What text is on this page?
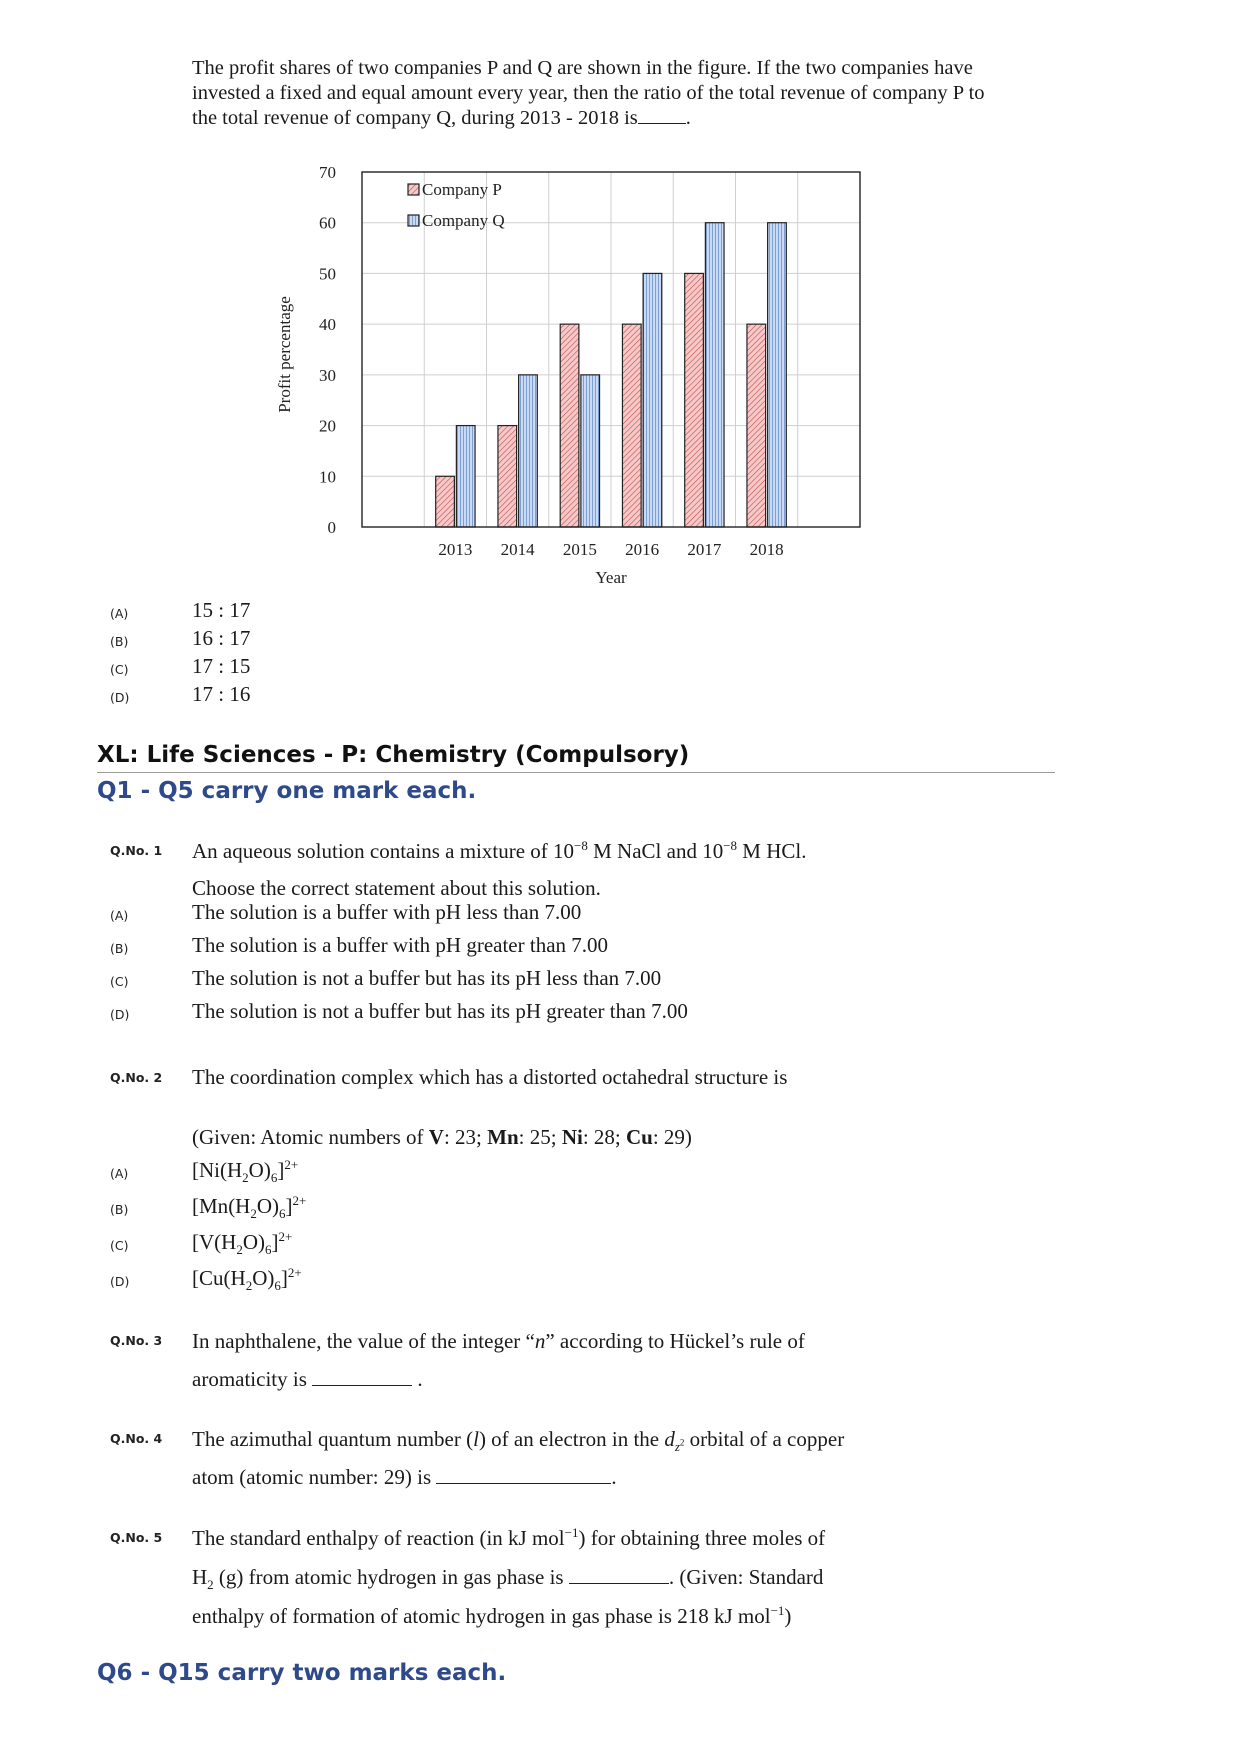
The profit shares of two companies P and Q are shown in the figure. If the two companies have invested a fixed and equal amount every year, then the ratio of the total revenue of company P to the total revenue of company Q, during 2013 - 2018 is .
0
10
20
30
40
50
60
70
2013 2014 2015 2016 2017 2018
Year
Profit percentage
Company P
Company Q
(A)	15 : 17
(B)	16 : 17
(C)	17 : 15
(D)	17 : 16
XL: Life Sciences - P: Chemistry (Compulsory)
Q1 - Q5 carry one mark each.
Q.No. 1 An aqueous solution contains a mixture of $10^{-8}$ M NaCl and $10^{-8}$ M HCl.
Choose the correct statement about this solution.
(A)	The solution is a buffer with pH less than 7.00
(B)	The solution is a buffer with pH greater than 7.00
(C)	The solution is not a buffer but has its pH less than 7.00
(D)	The solution is not a buffer but has its pH greater than 7.00
Q.No. 2 The coordination complex which has a distorted octahedral structure is
(Given: Atomic numbers of V: 23; Mn: 25; Ni: 28; Cu: 29)
(A)	$[Ni(H_2O)_6]^{2+}$
(B)	$[Mn(H_2O)_6]^{2+}$
(C)	$[V(H_2O)_6]^{2+}$
(D)	$[Cu(H_2O)_6]^{2+}$
Q.No. 3 In naphthalene, the value of the integer “n” according to Hückel’s rule of
aromaticity is	.
Q.No. 4 The azimuthal quantum number (l) of an electron in the $d_{z^2}$ orbital of a copper
atom (atomic number: 29) is	.
Q.No. 5 The standard enthalpy of reaction (in kJ mol$^{-1}$) for obtaining three moles of
$H_2$ (g) from atomic hydrogen in gas phase is	. (Given: Standard
enthalpy of formation of atomic hydrogen in gas phase is 218 kJ mol$^{-1}$)
Q6 - Q15 carry two marks each.
